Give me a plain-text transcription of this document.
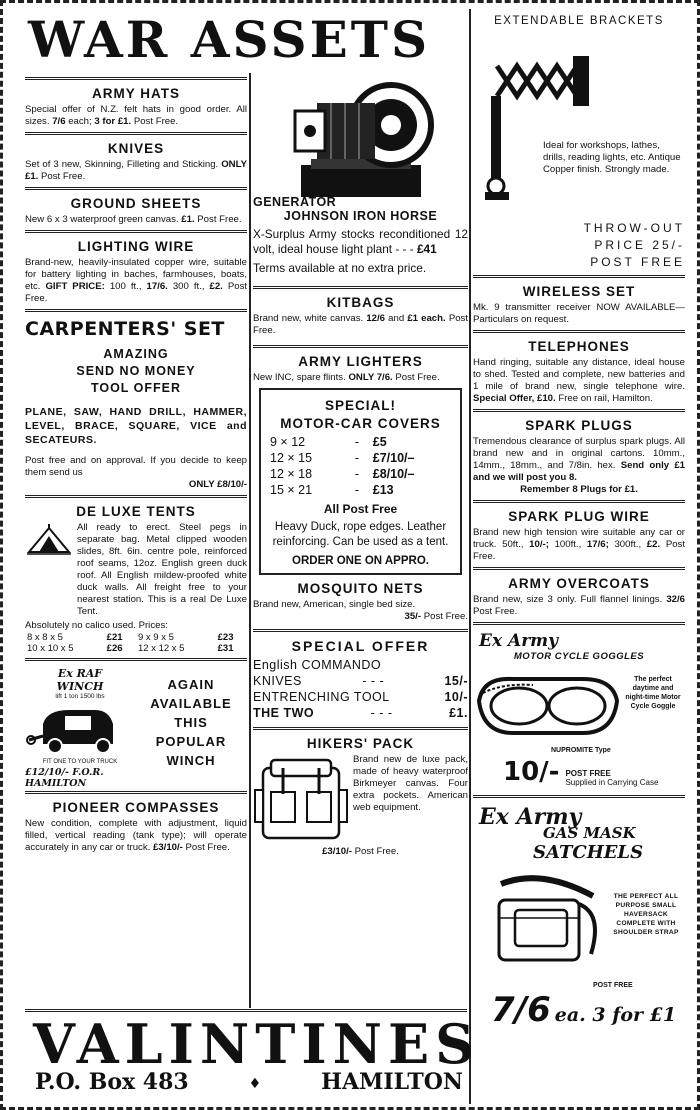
WAR ASSETS
ARMY HATS

Special offer of N.Z. felt hats in good order. All sizes. 7/6 each; 3 for £1. Post Free.

KNIVES

Set of 3 new, Skinning, Filleting and Sticking. ONLY £1. Post Free.

GROUND SHEETS

New 6 x 3 waterproof green canvas. £1. Post Free.

LIGHTING WIRE

Brand-new, heavily-insulated copper wire, suitable for battery lighting in baches, farmhouses, boats, etc. GIFT PRICE: 100 ft., 17/6. 300 ft., £2. Post Free.

CARPENTERS' SET
AMAZING
SEND NO MONEY
TOOL OFFER
PLANE, SAW, HAND DRILL, HAMMER, LEVEL, BRACE, SQUARE, VICE and SECATEURS.

Post free and on approval. If you decide to keep them send us

ONLY £8/10/-

DE LUXE TENTS

All ready to erect. Steel pegs in separate bag. Metal clipped wooden slides, 8ft. 6in. centre pole, reinforced roof seams, 12oz. English green duck roof. All English mildew-proofed white duck walls. All freight free to your nearest station. This is a real De Luxe Tent.

Absolutely no calico used. Prices:

8 x 8 x 5	£21	9 x 9 x 5	£23
10 x 10 x 5	£26	12 x 12 x 5	£31
Ex RAF
WINCH
lift 1 ton 1500 lbs
FIT ONE TO YOUR TRUCK
£12/10/- F.O.R. HAMILTON
AGAIN
AVAILABLE
THIS
POPULAR
WINCH
PIONEER COMPASSES

New condition, complete with adjustment, liquid filled, vertical reading (tank type); will operate accurately in any car or truck. £3/10/- Post Free.

GENERATOR
JOHNSON IRON HORSE

X-Surplus Army stocks reconditioned 12 volt, ideal house light plant - - - £41

Terms available at no extra price.

KITBAGS

Brand new, white canvas. 12/6 and £1 each. Post Free.

ARMY LIGHTERS

New INC, spare flints. ONLY 7/6. Post Free.

SPECIAL!
MOTOR-CAR COVERS
9 × 12	-	£5
12 × 15	-	£7/10/–
12 × 18	-	£8/10/–
15 × 21	-	£13
All Post Free

Heavy Duck, rope edges. Leather reinforcing. Can be used as a tent.

ORDER ONE ON APPRO.
MOSQUITO NETS

Brand new, American, single bed size.

35/- Post Free.

SPECIAL OFFER
English COMMANDO
KNIVES	- - -	15/-
ENTRENCHING TOOL	10/-
THE TWO	- - -	£1.
HIKERS' PACK

Brand new de luxe pack, made of heavy waterproof Birkmeyer canvas. Four extra pockets. American web equipment.

£3/10/- Post Free.

EXTENDABLE BRACKETS

Ideal for workshops, lathes, drills, reading lights, etc. Antique Copper finish. Strongly made.

THROW-OUT
PRICE 25/-
POST FREE
WIRELESS SET

Mk. 9 transmitter receiver NOW AVAILABLE—Particulars on request.

TELEPHONES

Hand ringing, suitable any distance, ideal house to shed. Tested and complete, new batteries and 1 mile of brand new, single telephone wire. Special Offer, £10. Free on rail, Hamilton.

SPARK PLUGS

Tremendous clearance of surplus spark plugs. All brand new and in original cartons. 10mm., 14mm., 18mm., and 7/8in. hex. Send only £1 and we will post you 8.

Remember 8 Plugs for £1.

SPARK PLUG WIRE

Brand new high tension wire suitable any car or truck. 50ft., 10/-; 100ft., 17/6; 300ft., £2. Post Free.

ARMY OVERCOATS

Brand new, size 3 only. Full flannel linings. 32/6 Post Free.

Ex Army
MOTOR CYCLE GOGGLES
The perfect daytime and night-time Motor Cycle Goggle
NUPROMITE Type
10/- POST FREE
Supplied in Carrying Case
Ex Army
GAS MASK
SATCHELS
THE PERFECT ALL PURPOSE SMALL HAVERSACK COMPLETE WITH SHOULDER STRAP
POST FREE
7/6 ea. 3 for £1
VALINTINES
P.O. Box 483	♦	HAMILTON
